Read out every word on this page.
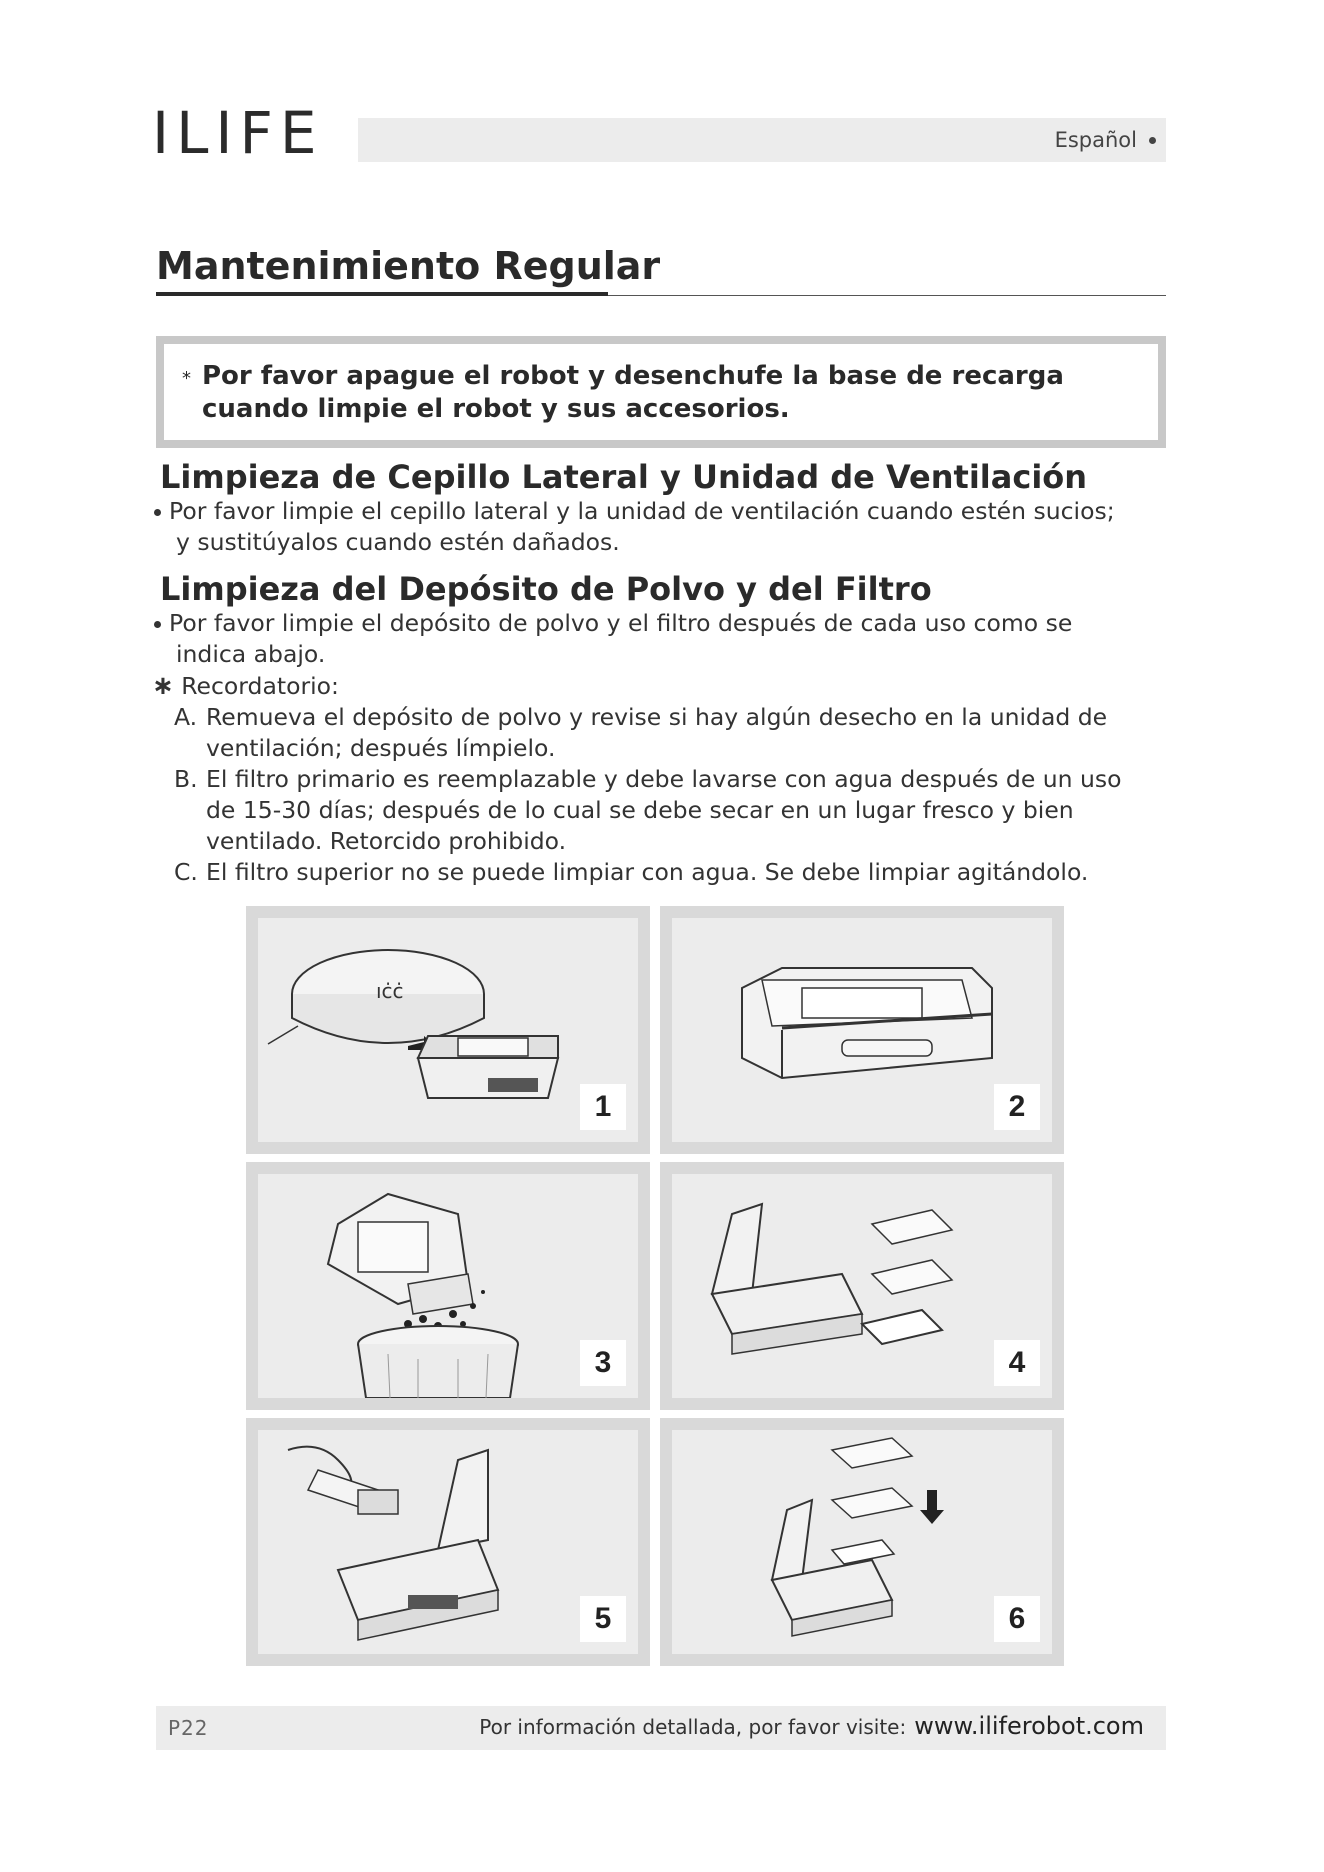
ILIFE	Español
Mantenimiento Regular
* Por favor apague el robot y desenchufe la base de recarga cuando limpie el robot y sus accesorios.
Limpieza de Cepillo Lateral y Unidad de Ventilación
Por favor limpie el cepillo lateral y la unidad de ventilación cuando estén sucios;
y sustitúyalos cuando estén dañados.
Limpieza del Depósito de Polvo y del Filtro
Por favor limpie el depósito de polvo y el filtro después de cada uso como se
indica abajo.
∗ Recordatorio:
A. Remueva el depósito de polvo y revise si hay algún desecho en la unidad de
ventilación; después límpielo.
B. El filtro primario es reemplazable y debe lavarse con agua después de un uso
de 15-30 días; después de lo cual se debe secar en un lugar fresco y bien
ventilado. Retorcido prohibido.
C. El filtro superior no se puede limpiar con agua. Se debe limpiar agitándolo.
ıċċ
1	2
3	4
5	6
P22	Por información detallada, por favor visite: www.iliferobot.com
